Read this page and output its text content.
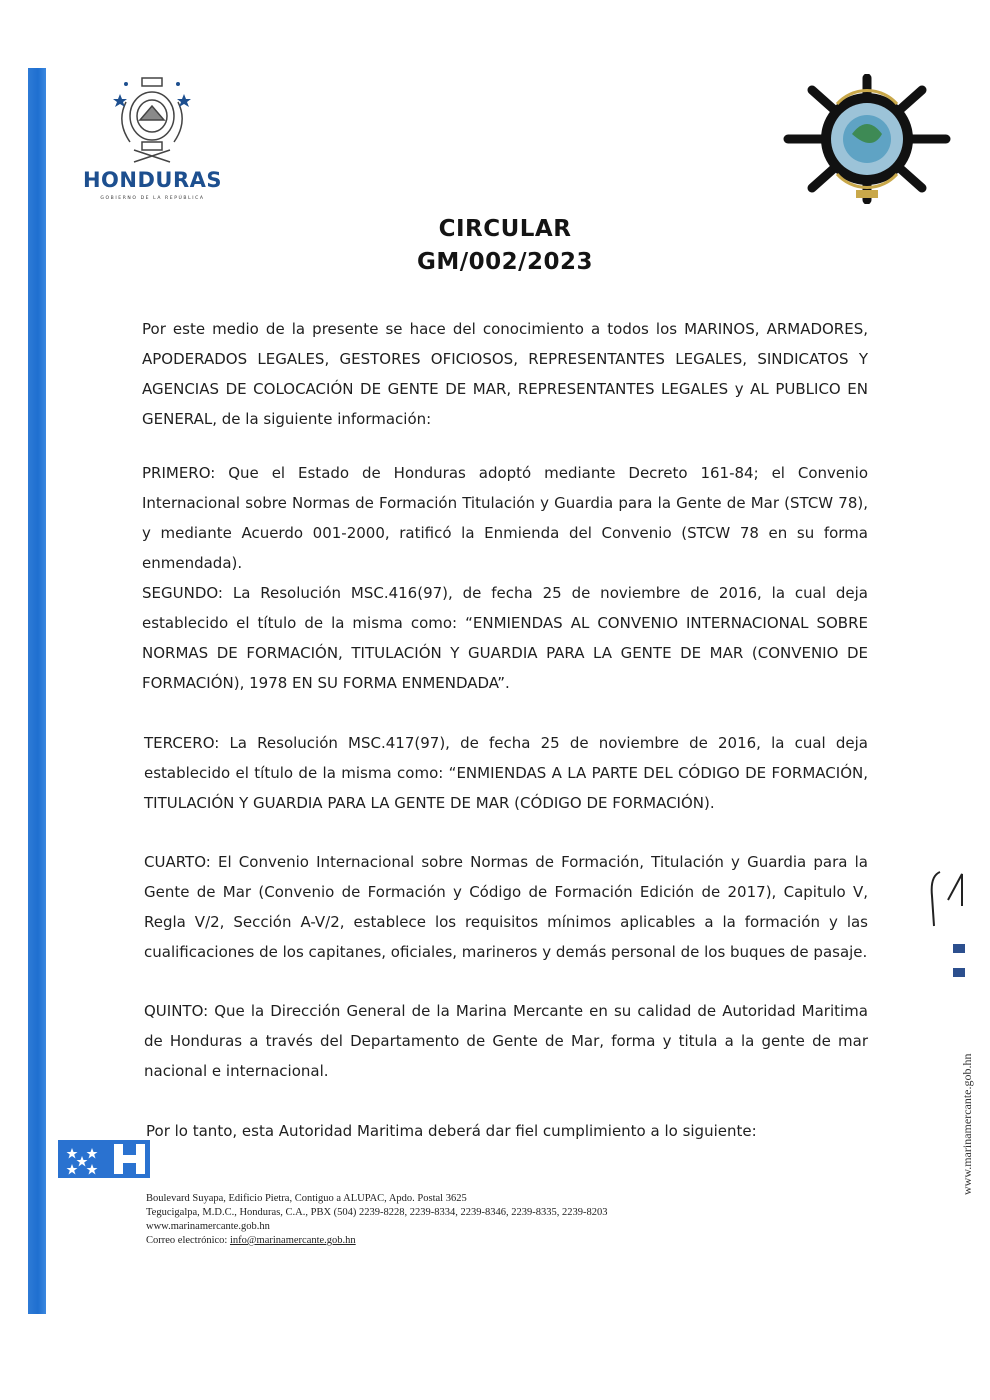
HONDURAS
GOBIERNO DE LA REPÚBLICA
CIRCULAR
GM/002/2023

Por este medio de la presente se hace del conocimiento a todos los MARINOS, ARMADORES, APODERADOS LEGALES, GESTORES OFICIOSOS, REPRESENTANTES LEGALES, SINDICATOS Y AGENCIAS DE COLOCACIÓN DE GENTE DE MAR, REPRESENTANTES LEGALES y AL PUBLICO EN GENERAL, de la siguiente información:

PRIMERO: Que el Estado de Honduras adoptó mediante Decreto 161-84; el Convenio Internacional sobre Normas de Formación Titulación y Guardia para la Gente de Mar (STCW 78), y mediante Acuerdo 001-2000, ratificó la Enmienda del Convenio (STCW 78 en su forma enmendada).

SEGUNDO: La Resolución MSC.416(97), de fecha 25 de noviembre de 2016, la cual deja establecido el título de la misma como: “ENMIENDAS AL CONVENIO INTERNACIONAL SOBRE NORMAS DE FORMACIÓN, TITULACIÓN Y GUARDIA PARA LA GENTE DE MAR (CONVENIO DE FORMACIÓN), 1978 EN SU FORMA ENMENDADA”.

TERCERO: La Resolución MSC.417(97), de fecha 25 de noviembre de 2016, la cual deja establecido el título de la misma como: “ENMIENDAS A LA PARTE DEL CÓDIGO DE FORMACIÓN, TITULACIÓN Y GUARDIA PARA LA GENTE DE MAR (CÓDIGO DE FORMACIÓN).

CUARTO: El Convenio Internacional sobre Normas de Formación, Titulación y Guardia para la Gente de Mar (Convenio de Formación y Código de Formación Edición de 2017), Capitulo V, Regla V/2, Sección A-V/2, establece los requisitos mínimos aplicables a la formación y las cualificaciones de los capitanes, oficiales, marineros y demás personal de los buques de pasaje.

QUINTO: Que la Dirección General de la Marina Mercante en su calidad de Autoridad Maritima de Honduras a través del Departamento de Gente de Mar, forma y titula a la gente de mar nacional e internacional.

Por lo tanto, esta Autoridad Maritima deberá dar fiel cumplimiento a lo siguiente:

Boulevard Suyapa, Edificio Pietra, Contiguo a ALUPAC, Apdo. Postal 3625
Tegucigalpa, M.D.C., Honduras, C.A., PBX (504) 2239-8228, 2239-8334, 2239-8346, 2239-8335, 2239-8203
www.marinamercante.gob.hn
Correo electrónico: info@marinamercante.gob.hn
www.marinamercante.gob.hn
